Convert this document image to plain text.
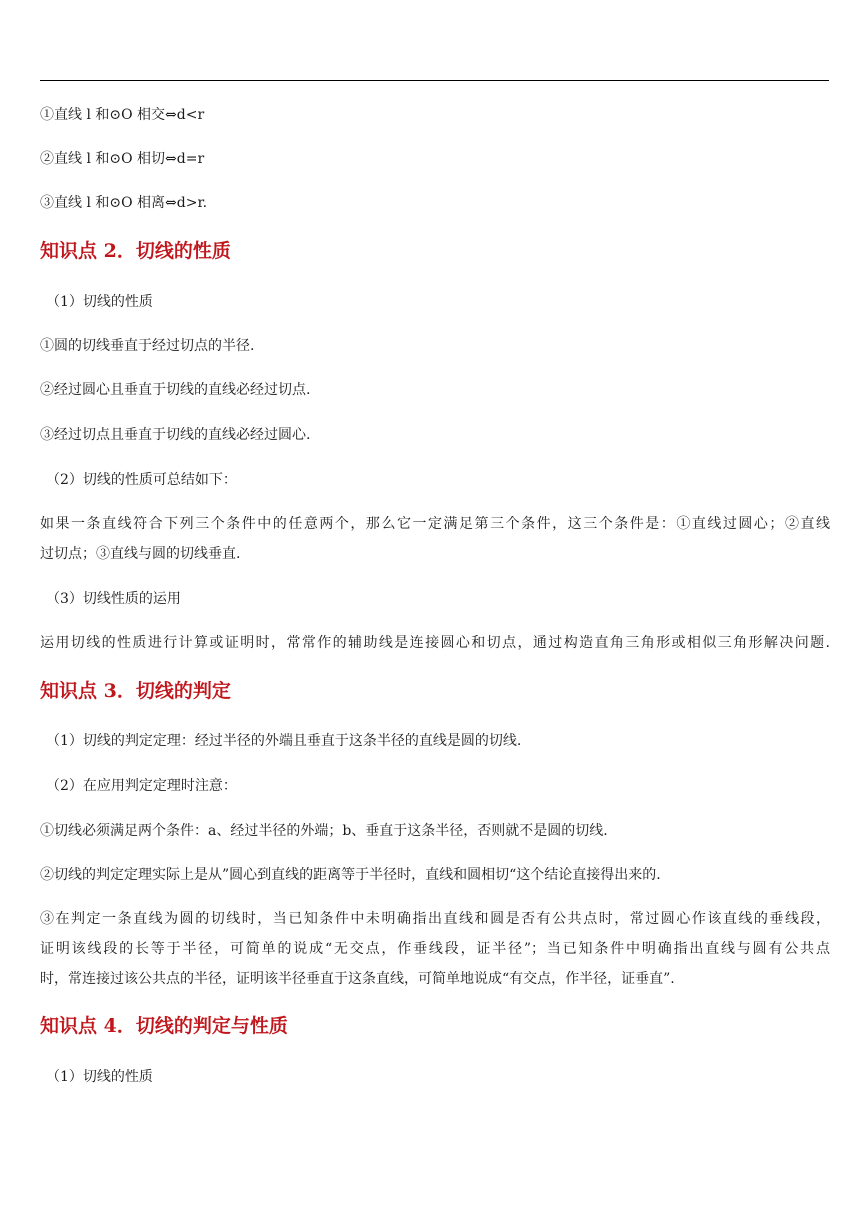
①直线 l 和⊙O 相交⇔d<r
②直线 l 和⊙O 相切⇔d=r
③直线 l 和⊙O 相离⇔d>r.
知识点 2．切线的性质
（1）切线的性质
①圆的切线垂直于经过切点的半径.
②经过圆心且垂直于切线的直线必经过切点.
③经过切点且垂直于切线的直线必经过圆心.
（2）切线的性质可总结如下：
如果一条直线符合下列三个条件中的任意两个，那么它一定满足第三个条件，这三个条件是：①直线过圆心；②直线
过切点；③直线与圆的切线垂直.
（3）切线性质的运用
运用切线的性质进行计算或证明时，常常作的辅助线是连接圆心和切点，通过构造直角三角形或相似三角形解决问题.
知识点 3．切线的判定
（1）切线的判定定理：经过半径的外端且垂直于这条半径的直线是圆的切线.
（2）在应用判定定理时注意：
①切线必须满足两个条件：a、经过半径的外端；b、垂直于这条半径，否则就不是圆的切线.
②切线的判定定理实际上是从”圆心到直线的距离等于半径时，直线和圆相切“这个结论直接得出来的.
③在判定一条直线为圆的切线时，当已知条件中未明确指出直线和圆是否有公共点时，常过圆心作该直线的垂线段，
证明该线段的长等于半径，可简单的说成“无交点，作垂线段，证半径”；当已知条件中明确指出直线与圆有公共点
时，常连接过该公共点的半径，证明该半径垂直于这条直线，可简单地说成“有交点，作半径，证垂直”.
知识点 4．切线的判定与性质
（1）切线的性质
